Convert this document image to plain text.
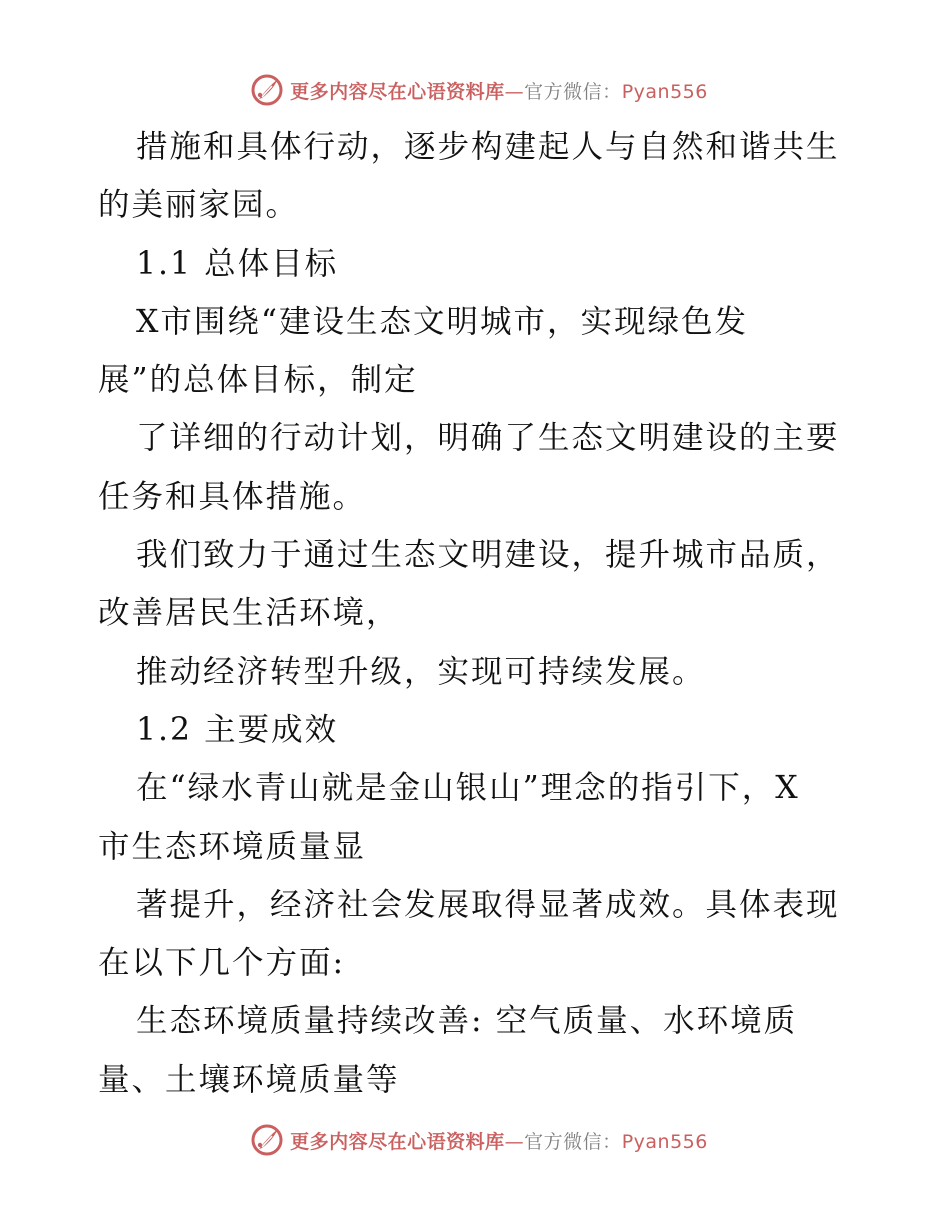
更多内容尽在心语资料库—官方微信：Pyan556
措施和具体行动，逐步构建起人与自然和谐共生
的美丽家园。
1.1 总体目标
X市围绕“建设生态文明城市，实现绿色发
展”的总体目标，制定
了详细的行动计划，明确了生态文明建设的主要
任务和具体措施。
我们致力于通过生态文明建设，提升城市品质，
改善居民生活环境，
推动经济转型升级，实现可持续发展。
1.2 主要成效
在“绿水青山就是金山银山”理念的指引下，X
市生态环境质量显
著提升，经济社会发展取得显著成效。具体表现
在以下几个方面:
生态环境质量持续改善: 空气质量、水环境质
量、土壤环境质量等
更多内容尽在心语资料库—官方微信：Pyan556
